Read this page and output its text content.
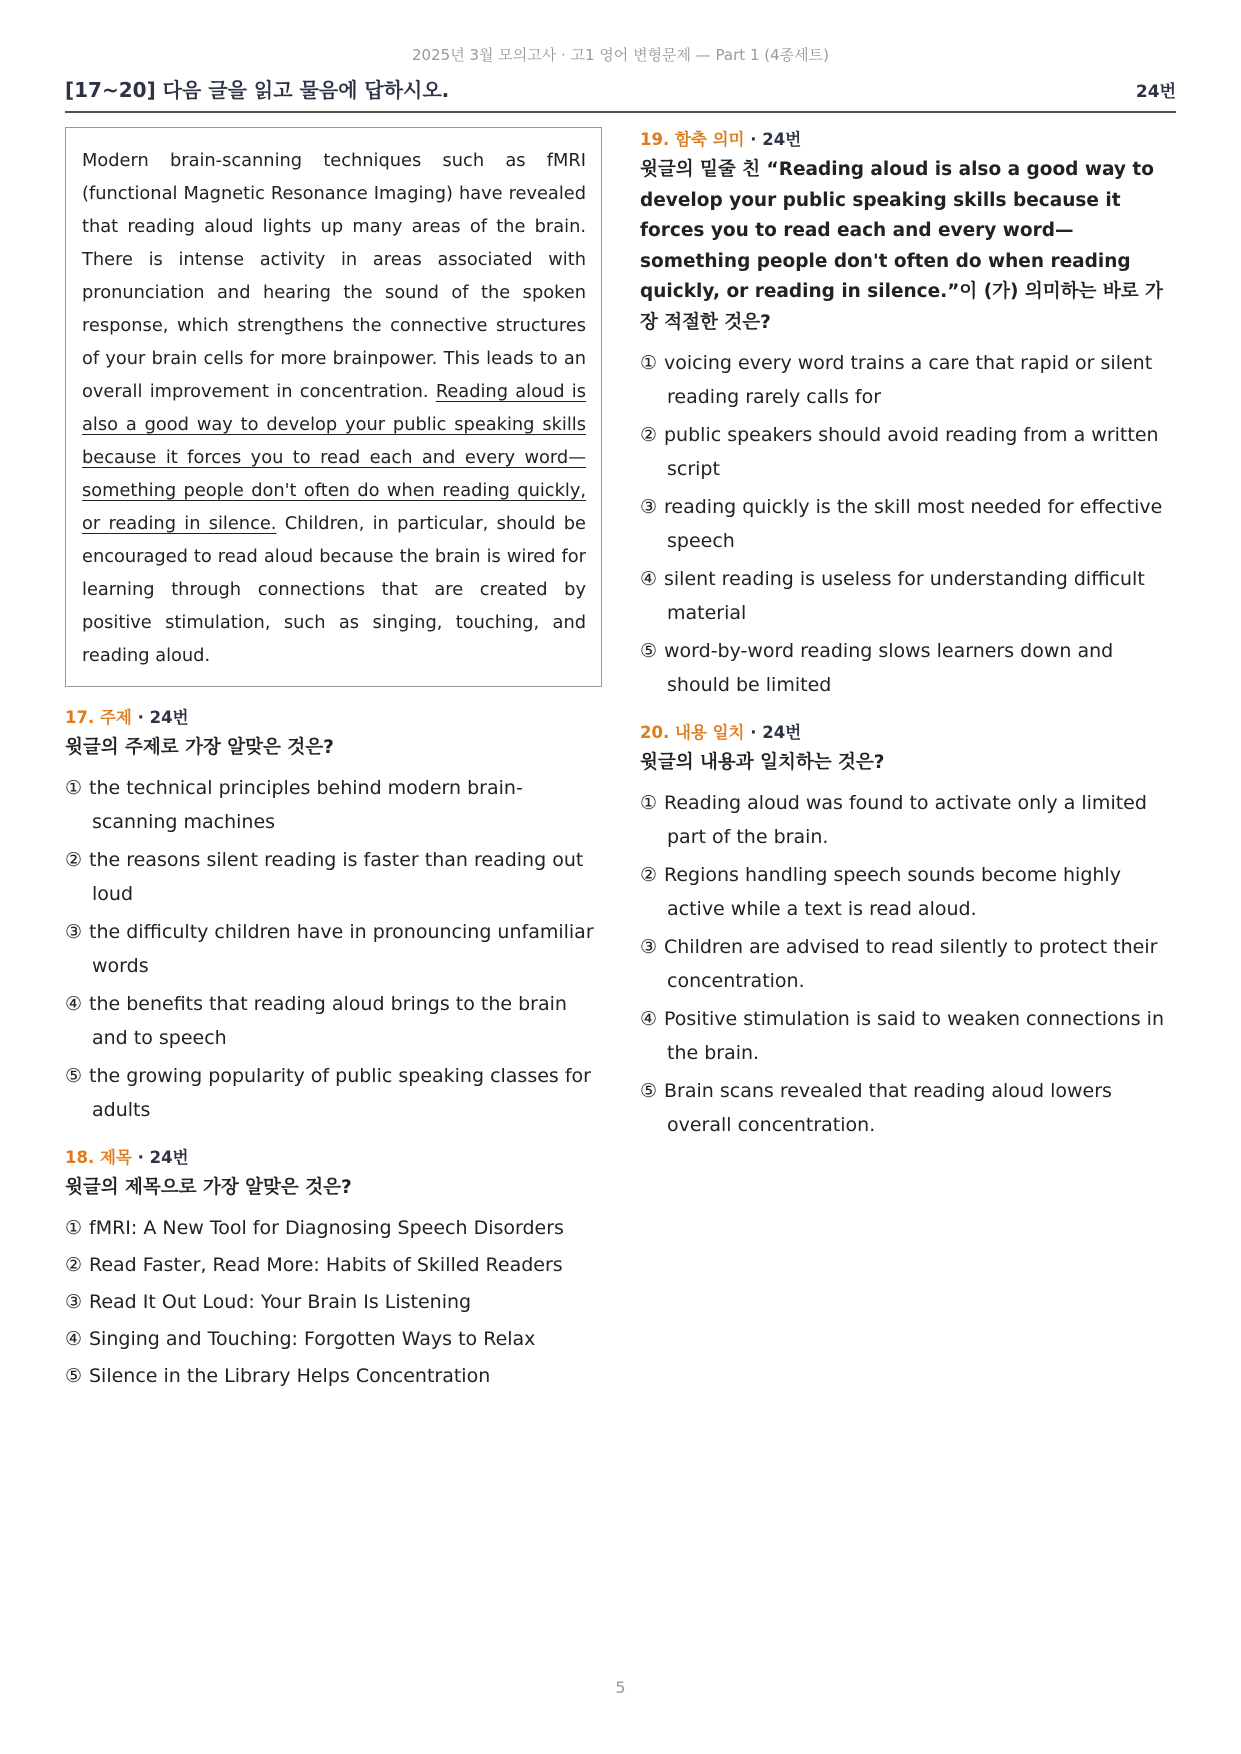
2025년 3월 모의고사 · 고1 영어 변형문제 — Part 1 (4종세트)
[17~20] 다음 글을 읽고 물음에 답하시오.	24번
Modern brain-scanning techniques such as fMRI (functional Magnetic Resonance Imaging) have revealed that reading aloud lights up many areas of the brain. There is intense activity in areas associated with pronunciation and hearing the sound of the spoken response, which strengthens the connective structures of your brain cells for more brainpower. This leads to an overall improvement in concentration. Reading aloud is also a good way to develop your public speaking skills because it forces you to read each and every word—something people don't often do when reading quickly, or reading in silence. Children, in particular, should be encouraged to read aloud because the brain is wired for learning through connections that are created by positive stimulation, such as singing, touching, and reading aloud.
17. 주제 · 24번
윗글의 주제로 가장 알맞은 것은?
① the technical principles behind modern brain-scanning machines
② the reasons silent reading is faster than reading out loud
③ the difficulty children have in pronouncing unfamiliar words
④ the benefits that reading aloud brings to the brain and to speech
⑤ the growing popularity of public speaking classes for adults
18. 제목 · 24번
윗글의 제목으로 가장 알맞은 것은?
① fMRI: A New Tool for Diagnosing Speech Disorders
② Read Faster, Read More: Habits of Skilled Readers
③ Read It Out Loud: Your Brain Is Listening
④ Singing and Touching: Forgotten Ways to Relax
⑤ Silence in the Library Helps Concentration
19. 함축 의미 · 24번
윗글의 밑줄 친 “Reading aloud is also a good way to develop your public speaking skills because it forces you to read each and every word—something people don't often do when reading quickly, or reading in silence.”이 (가) 의미하는 바로 가장 적절한 것은?
① voicing every word trains a care that rapid or silent reading rarely calls for
② public speakers should avoid reading from a written script
③ reading quickly is the skill most needed for effective speech
④ silent reading is useless for understanding difficult material
⑤ word-by-word reading slows learners down and should be limited
20. 내용 일치 · 24번
윗글의 내용과 일치하는 것은?
① Reading aloud was found to activate only a limited part of the brain.
② Regions handling speech sounds become highly active while a text is read aloud.
③ Children are advised to read silently to protect their concentration.
④ Positive stimulation is said to weaken connections in the brain.
⑤ Brain scans revealed that reading aloud lowers overall concentration.
5
